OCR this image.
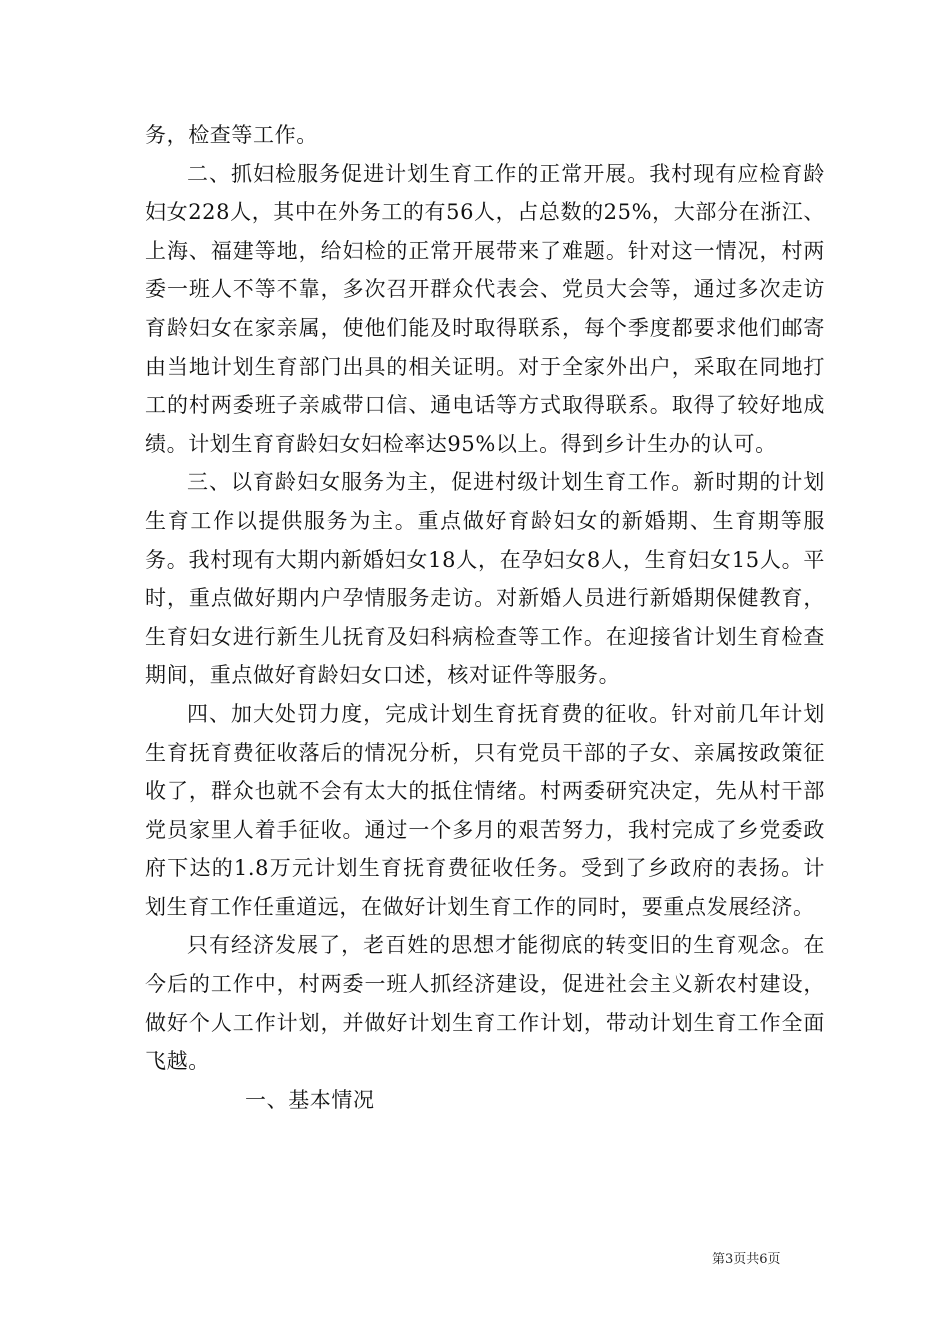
务，检查等工作。

二、抓妇检服务促进计划生育工作的正常开展。我村现有应检育龄妇女228人，其中在外务工的有56人，占总数的25%，大部分在浙江、上海、福建等地，给妇检的正常开展带来了难题。针对这一情况，村两委一班人不等不靠，多次召开群众代表会、党员大会等，通过多次走访育龄妇女在家亲属，使他们能及时取得联系，每个季度都要求他们邮寄由当地计划生育部门出具的相关证明。对于全家外出户，采取在同地打工的村两委班子亲戚带口信、通电话等方式取得联系。取得了较好地成绩。计划生育育龄妇女妇检率达95%以上。得到乡计生办的认可。

三、以育龄妇女服务为主，促进村级计划生育工作。新时期的计划生育工作以提供服务为主。重点做好育龄妇女的新婚期、生育期等服务。我村现有大期内新婚妇女18人，在孕妇女8人，生育妇女15人。平时，重点做好期内户孕情服务走访。对新婚人员进行新婚期保健教育，生育妇女进行新生儿抚育及妇科病检查等工作。在迎接省计划生育检查期间，重点做好育龄妇女口述，核对证件等服务。

四、加大处罚力度，完成计划生育抚育费的征收。针对前几年计划生育抚育费征收落后的情况分析，只有党员干部的子女、亲属按政策征收了，群众也就不会有太大的抵住情绪。村两委研究决定，先从村干部党员家里人着手征收。通过一个多月的艰苦努力，我村完成了乡党委政府下达的1.8万元计划生育抚育费征收任务。受到了乡政府的表扬。计划生育工作任重道远，在做好计划生育工作的同时，要重点发展经济。

只有经济发展了，老百姓的思想才能彻底的转变旧的生育观念。在今后的工作中，村两委一班人抓经济建设，促进社会主义新农村建设，做好个人工作计划，并做好计划生育工作计划，带动计划生育工作全面飞越。

一、基本情况

第3页共6页
